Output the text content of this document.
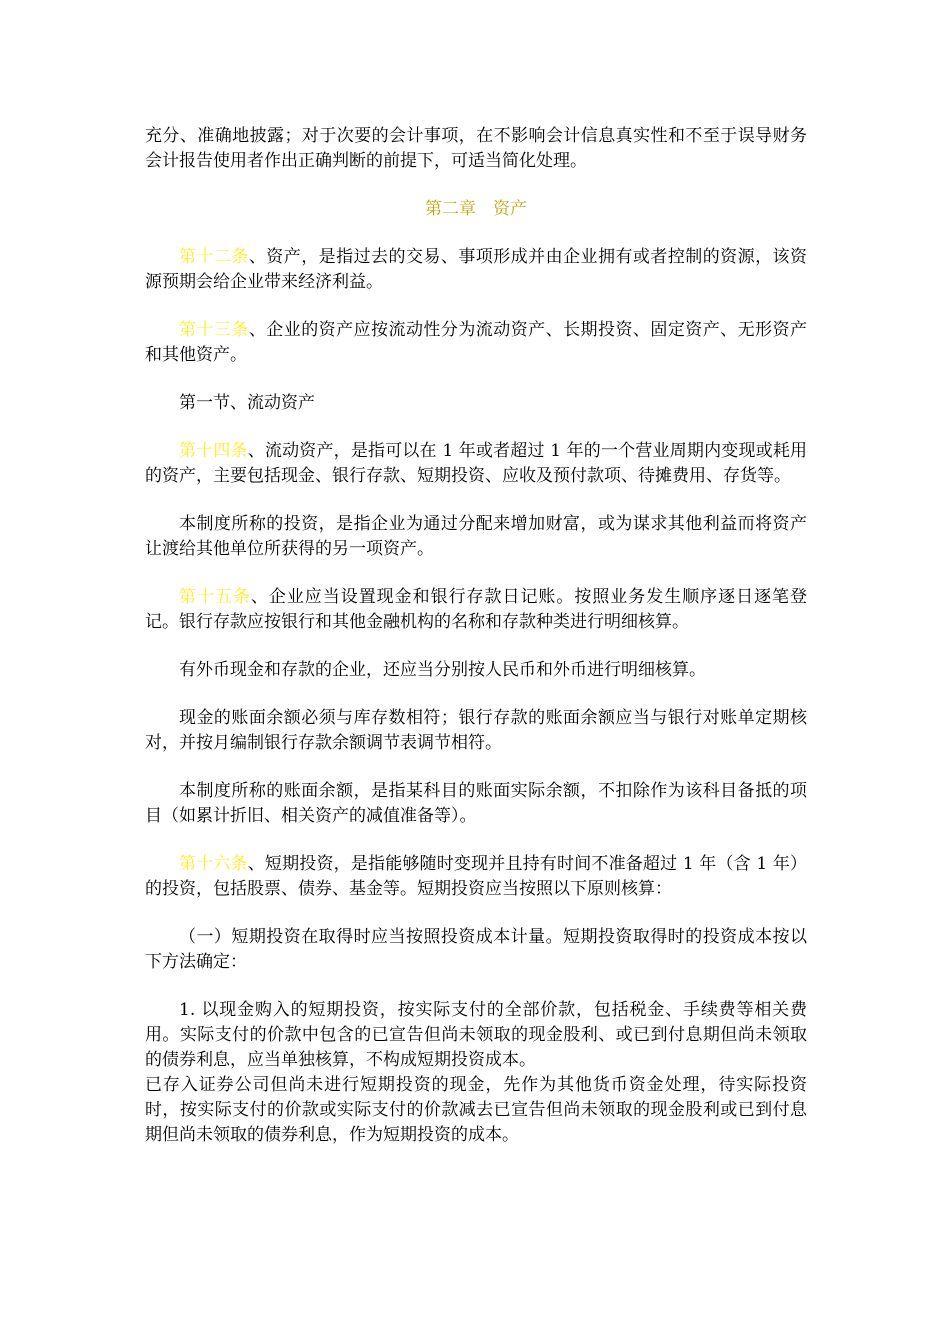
充分、准确地披露；对于次要的会计事项，在不影响会计信息真实性和不至于误导财务会计报告使用者作出正确判断的前提下，可适当简化处理。

第二章　资产

第十二条、资产，是指过去的交易、事项形成并由企业拥有或者控制的资源，该资源预期会给企业带来经济利益。

第十三条、企业的资产应按流动性分为流动资产、长期投资、固定资产、无形资产和其他资产。

第一节、流动资产

第十四条、流动资产，是指可以在 1 年或者超过 1 年的一个营业周期内变现或耗用的资产，主要包括现金、银行存款、短期投资、应收及预付款项、待摊费用、存货等。

本制度所称的投资，是指企业为通过分配来增加财富，或为谋求其他利益而将资产让渡给其他单位所获得的另一项资产。

第十五条、企业应当设置现金和银行存款日记账。按照业务发生顺序逐日逐笔登记。银行存款应按银行和其他金融机构的名称和存款种类进行明细核算。

有外币现金和存款的企业，还应当分别按人民币和外币进行明细核算。

现金的账面余额必须与库存数相符；银行存款的账面余额应当与银行对账单定期核对，并按月编制银行存款余额调节表调节相符。

本制度所称的账面余额，是指某科目的账面实际余额，不扣除作为该科目备抵的项目（如累计折旧、相关资产的减值准备等）。

第十六条、短期投资，是指能够随时变现并且持有时间不准备超过 1 年（含 1 年）的投资，包括股票、债券、基金等。短期投资应当按照以下原则核算：

（一）短期投资在取得时应当按照投资成本计量。短期投资取得时的投资成本按以下方法确定：

1. 以现金购入的短期投资，按实际支付的全部价款，包括税金、手续费等相关费用。实际支付的价款中包含的已宣告但尚未领取的现金股利、或已到付息期但尚未领取的债券利息，应当单独核算，不构成短期投资成本。

已存入证券公司但尚未进行短期投资的现金，先作为其他货币资金处理，待实际投资时，按实际支付的价款或实际支付的价款减去已宣告但尚未领取的现金股利或已到付息期但尚未领取的债券利息，作为短期投资的成本。
